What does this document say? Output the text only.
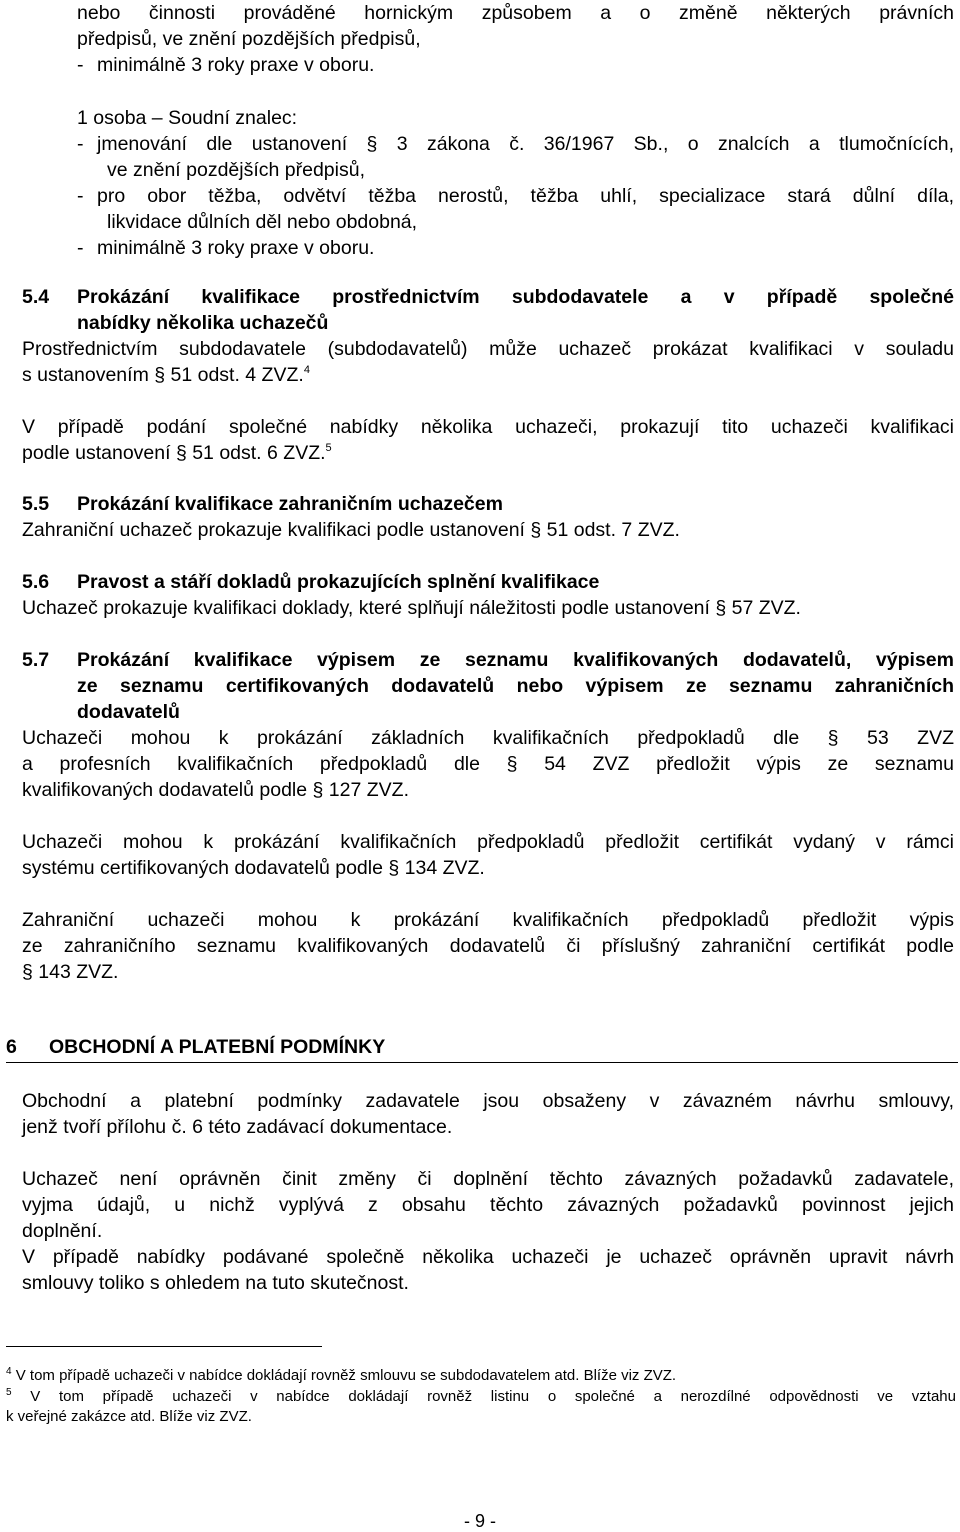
nebo činnosti prováděné hornickým způsobem a o změně některých právních
předpisů, ve znění pozdějších předpisů,
- minimálně 3 roky praxe v oboru.
1 osoba – Soudní znalec:
- jmenování dle ustanovení § 3 zákona č. 36/1967 Sb., o znalcích a tlumočnících,
ve znění pozdějších předpisů,
- pro obor těžba, odvětví těžba nerostů, těžba uhlí, specializace stará důlní díla,
likvidace důlních děl nebo obdobná,
- minimálně 3 roky praxe v oboru.
5.4 Prokázání kvalifikace prostřednictvím subdodavatele a v případě společné
nabídky několika uchazečů
Prostřednictvím subdodavatele (subdodavatelů) může uchazeč prokázat kvalifikaci v souladu
s ustanovením § 51 odst. 4 ZVZ.$^4$
V případě podání společné nabídky několika uchazeči, prokazují tito uchazeči kvalifikaci
podle ustanovení § 51 odst. 6 ZVZ.$^5$
5.5 Prokázání kvalifikace zahraničním uchazečem
Zahraniční uchazeč prokazuje kvalifikaci podle ustanovení § 51 odst. 7 ZVZ.
5.6 Pravost a stáří dokladů prokazujících splnění kvalifikace
Uchazeč prokazuje kvalifikaci doklady, které splňují náležitosti podle ustanovení § 57 ZVZ.
5.7 Prokázání kvalifikace výpisem ze seznamu kvalifikovaných dodavatelů, výpisem
ze seznamu certifikovaných dodavatelů nebo výpisem ze seznamu zahraničních
dodavatelů
Uchazeči mohou k prokázání základních kvalifikačních předpokladů dle § 53 ZVZ
a profesních kvalifikačních předpokladů dle § 54 ZVZ předložit výpis ze seznamu
kvalifikovaných dodavatelů podle § 127 ZVZ.
Uchazeči mohou k prokázání kvalifikačních předpokladů předložit certifikát vydaný v rámci
systému certifikovaných dodavatelů podle § 134 ZVZ.
Zahraniční uchazeči mohou k prokázání kvalifikačních předpokladů předložit výpis
ze zahraničního seznamu kvalifikovaných dodavatelů či příslušný zahraniční certifikát podle
§ 143 ZVZ.
6 OBCHODNÍ A PLATEBNÍ PODMÍNKY
Obchodní a platební podmínky zadavatele jsou obsaženy v závazném návrhu smlouvy,
jenž tvoří přílohu č. 6 této zadávací dokumentace.
Uchazeč není oprávněn činit změny či doplnění těchto závazných požadavků zadavatele,
vyjma údajů, u nichž vyplývá z obsahu těchto závazných požadavků povinnost jejich
doplnění.
V případě nabídky podávané společně několika uchazeči je uchazeč oprávněn upravit návrh
smlouvy toliko s ohledem na tuto skutečnost.
$^4$ V tom případě uchazeči v nabídce dokládají rovněž smlouvu se subdodavatelem atd. Blíže viz ZVZ.
$^5$ V tom případě uchazeči v nabídce dokládají rovněž listinu o společné a nerozdílné odpovědnosti ve vztahu
k veřejné zakázce atd. Blíže viz ZVZ.
- 9 -
